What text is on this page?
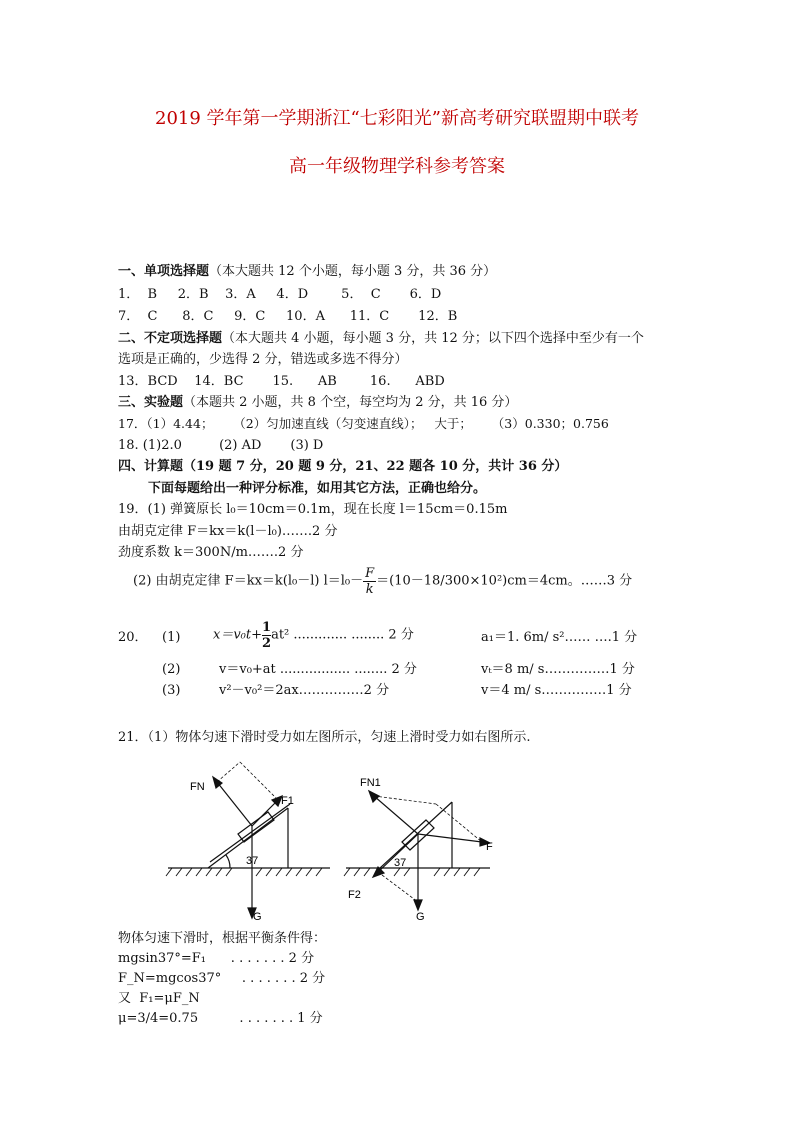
2019 学年第一学期浙江“七彩阳光”新高考研究联盟期中联考
高一年级物理学科参考答案
一、单项选择题（本大题共 12 个小题，每小题 3 分，共 36 分）
1．  B     2．B    3．A     4．D        5．  C       6．D
7．  C      8．C     9．C     10．A      11．C       12．B
二、不定项选择题（本大题共 4 小题，每小题 3 分，共 12 分；以下四个选择中至少有一个
选项是正确的，少选得 2 分，错选或多选不得分）
13．BCD    14．BC       15.      AB        16.      ABD
三、实验题（本题共 2 小题，共 8 个空，每空均为 2 分，共 16 分）
17．（1）4.44；     （2）匀加速直线（匀变速直线）；   大于；     （3）0.330；0.756
18. (1)2.0         (2) AD       (3) D
四、计算题（19 题 7 分，20 题 9 分，21、22 题各 10 分，共计 36 分）
下面每题给出一种评分标准，如用其它方法，正确也给分。
19．(1) 弹簧原长 l₀＝10cm＝0.1m，现在长度 l＝15cm＝0.15m
由胡克定律 F＝kx＝k(l－l₀)…….2 分
劲度系数 k＝300N/m…….2 分
(2) 由胡克定律 F＝kx＝k(l₀－l) $l=l_0- \frac{F}{k} =(10-18/300\times 10^2)cm=4cm$。……3 分
20． (1)	$x=v_0t+ \frac{1}{2} at^2$ ............. ........ 2 分	a₁＝1. 6m/ s²…… ….1 分
(2)	v＝v₀+at ................. ........ 2 分	vₜ＝8 m/ s……………1 分
(3)	v²－v₀²＝2ax……………2 分	v＝4 m/ s……………1 分
21．（1）物体匀速下滑时受力如左图所示，匀速上滑时受力如右图所示.
FN
F1
37
G
FN1
F
37
F2
G
物体匀速下滑时，根据平衡条件得：
mgsin37°=F₁      . . . . . . . 2 分
F_N=mgcos37°     . . . . . . . 2 分
又  F₁=μF_N
μ=3/4=0.75          . . . . . . . 1 分
